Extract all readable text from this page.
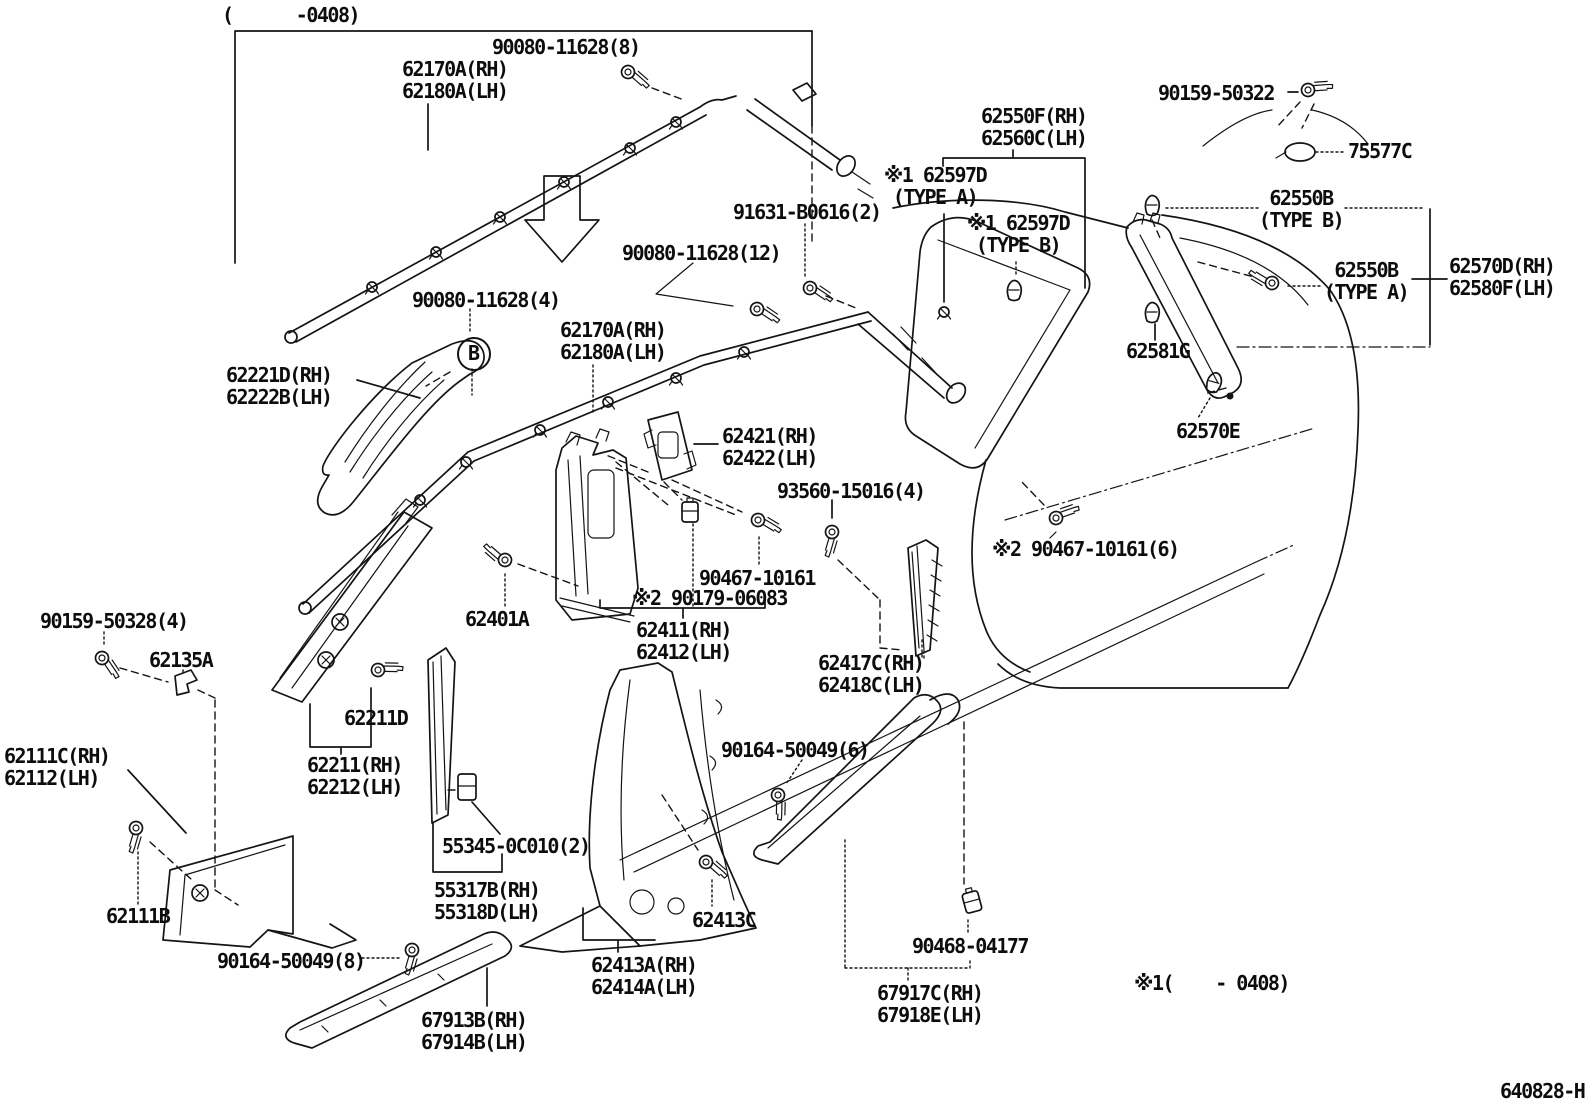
(      -0408)
B
※1(    - 0408)
640828-H
90080-11628(8)
62170A(RH)
62180A(LH)	90159-50322
62550F(RH)
62560C(LH)
75577C
※1 62597D
(TYPE A)
91631-B0616(2)	※1 62597D
(TYPE B)
62550B
(TYPE B)
90080-11628(12)
62550B
(TYPE A)
62570D(RH)
62580F(LH)
90080-11628(4)
62170A(RH)
62180A(LH)
62221D(RH)
62222B(LH)
62581G
62570E
62421(RH)
62422(LH)
93560-15016(4)
※2 90467-10161(6)
90467-10161
※2 90179-06083
62401A	62411(RH)
62412(LH)	62417C(RH)
62418C(LH)
90159-50328(4)
62135A
62211D
62111C(RH)
62112(LH)
62211(RH)
62212(LH)
90164-50049(6)
55345-0C010(2)
55317B(RH)
55318D(LH)
62111B	62413C
90468-04177
90164-50049(8)	62413A(RH)
62414A(LH)	67917C(RH)
67918E(LH)
67913B(RH)
67914B(LH)
